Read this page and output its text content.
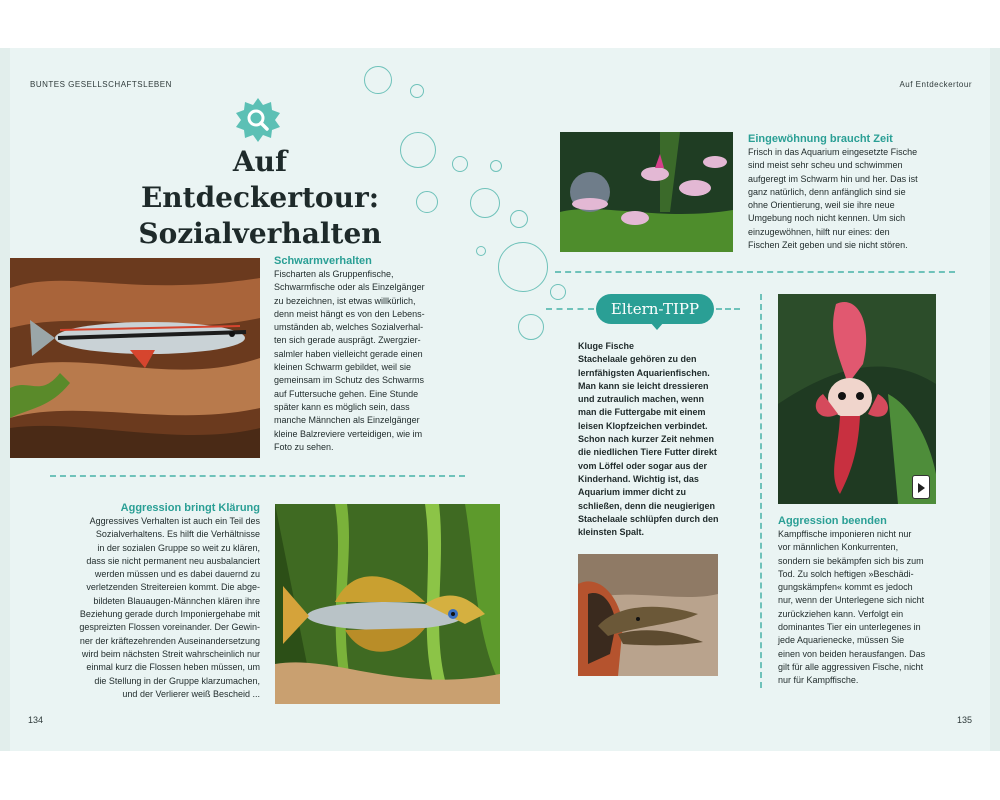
BUNTES GESELLSCHAFTSLEBEN	Auf Entdeckertour
Auf Entdeckertour:
Sozialverhalten
Schwarmverhalten
Fischarten als Gruppenfische,
Schwarmfische oder als Einzelgänger
zu bezeichnen, ist etwas willkürlich,
denn meist hängt es von den Lebens-
umständen ab, welches Sozialverhal-
ten sich gerade ausprägt. Zwergzier-
salmler haben vielleicht gerade einen
kleinen Schwarm gebildet, weil sie
gemeinsam im Schutz des Schwarms
auf Futtersuche gehen. Eine Stunde
später kann es möglich sein, dass
manche Männchen als Einzelgänger
kleine Balzreviere verteidigen, wie im
Foto zu sehen.
Aggression bringt Klärung
Aggressives Verhalten ist auch ein Teil des
Sozialverhaltens. Es hilft die Verhältnisse
in der sozialen Gruppe so weit zu klären,
dass sie nicht permanent neu ausbalanciert
werden müssen und es dabei dauernd zu
verletzenden Streitereien kommt. Die abge-
bildeten Blauaugen-Männchen klären ihre
Beziehung gerade durch Imponiergehabe mit
gespreizten Flossen voreinander. Der Gewin-
ner der kräftezehrenden Auseinandersetzung
wird beim nächsten Streit wahrscheinlich nur
einmal kurz die Flossen heben müssen, um
die Stellung in der Gruppe klarzumachen,
und der Verlierer weiß Bescheid ...
Eingewöhnung braucht Zeit
Frisch in das Aquarium eingesetzte Fische
sind meist sehr scheu und schwimmen
aufgeregt im Schwarm hin und her. Das ist
ganz natürlich, denn anfänglich sind sie
ohne Orientierung, weil sie ihre neue
Umgebung noch nicht kennen. Um sich
einzugewöhnen, hilft nur eines: den
Fischen Zeit geben und sie nicht stören.
Eltern-TIPP
Kluge Fische
Stachelaale gehören zu den
lernfähigsten Aquarienfischen.
Man kann sie leicht dressieren
und zutraulich machen, wenn
man die Futtergabe mit einem
leisen Klopfzeichen verbindet.
Schon nach kurzer Zeit nehmen
die niedlichen Tiere Futter direkt
vom Löffel oder sogar aus der
Kinderhand. Wichtig ist, das
Aquarium immer dicht zu
schließen, denn die neugierigen
Stachelaale schlüpfen durch den
kleinsten Spalt.
Aggression beenden
Kampffische imponieren nicht nur
vor männlichen Konkurrenten,
sondern sie bekämpfen sich bis zum
Tod. Zu solch heftigen »Beschädi-
gungskämpfen« kommt es jedoch
nur, wenn der Unterlegene sich nicht
zurückziehen kann. Verfolgt ein
dominantes Tier ein unterlegenes in
jede Aquarienecke, müssen Sie
einen von beiden herausfangen. Das
gilt für alle aggressiven Fische, nicht
nur für Kampffische.
134	135
